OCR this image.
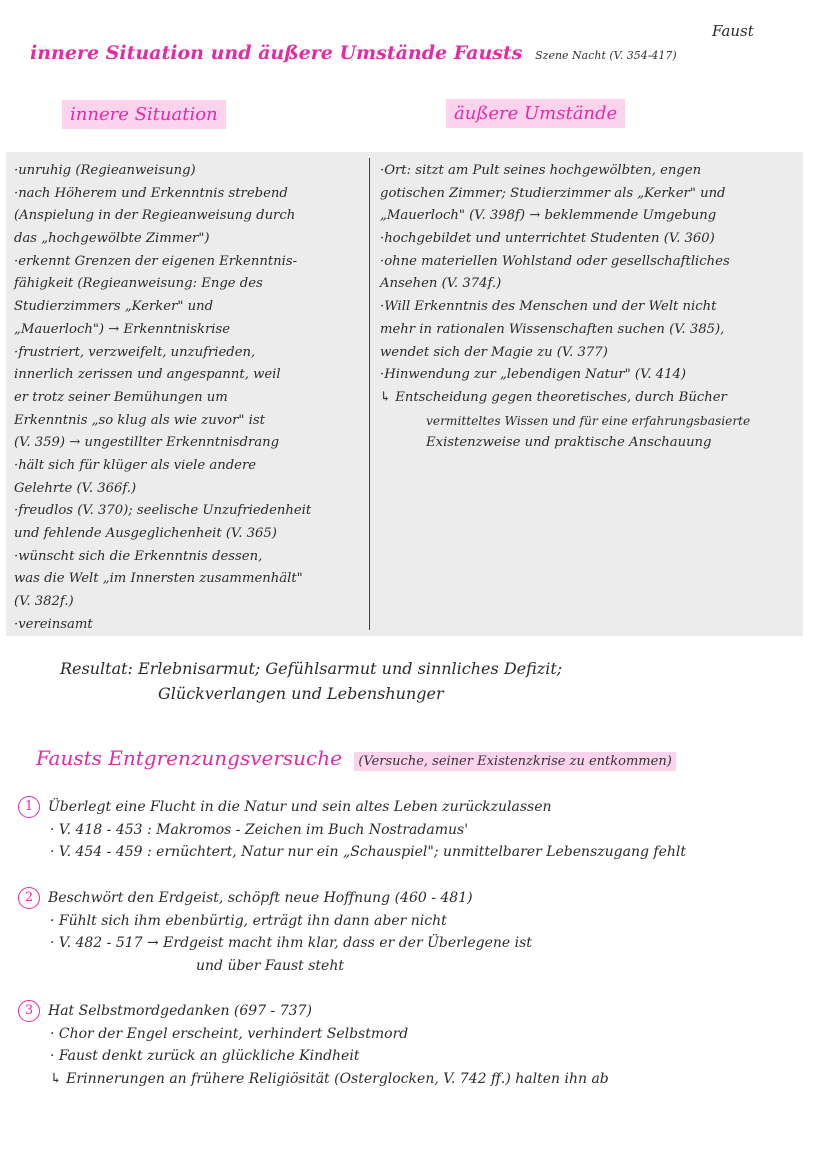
Faust
innere Situation und äußere Umstände Fausts Szene Nacht (V. 354-417)
innere Situation	äußere Umstände
·unruhig (Regieanweisung)
·nach Höherem und Erkenntnis strebend
(Anspielung in der Regieanweisung durch
das „hochgewölbte Zimmer")
·erkennt Grenzen der eigenen Erkenntnis-
fähigkeit (Regieanweisung: Enge des
Studierzimmers „Kerker" und
„Mauerloch") → Erkenntniskrise
·frustriert, verzweifelt, unzufrieden,
innerlich zerissen und angespannt, weil
er trotz seiner Bemühungen um
Erkenntnis „so klug als wie zuvor" ist
(V. 359) → ungestillter Erkenntnisdrang
·hält sich für klüger als viele andere
Gelehrte (V. 366f.)
·freudlos (V. 370); seelische Unzufriedenheit
und fehlende Ausgeglichenheit (V. 365)
·wünscht sich die Erkenntnis dessen,
was die Welt „im Innersten zusammenhält"
(V. 382f.)
·vereinsamt
·Ort: sitzt am Pult seines hochgewölbten, engen
gotischen Zimmer; Studierzimmer als „Kerker" und
„Mauerloch" (V. 398f) → beklemmende Umgebung
·hochgebildet und unterrichtet Studenten (V. 360)
·ohne materiellen Wohlstand oder gesellschaftliches
Ansehen (V. 374f.)
·Will Erkenntnis des Menschen und der Welt nicht
mehr in rationalen Wissenschaften suchen (V. 385),
wendet sich der Magie zu (V. 377)
·Hinwendung zur „lebendigen Natur" (V. 414)
↳ Entscheidung gegen theoretisches, durch Bücher
vermitteltes Wissen und für eine erfahrungsbasierte
Existenzweise und praktische Anschauung
Resultat: Erlebnisarmut; Gefühlsarmut und sinnliches Defizit;
Glückverlangen und Lebenshunger
Fausts Entgrenzungsversuche (Versuche, seiner Existenzkrise zu entkommen)
1 Überlegt eine Flucht in die Natur und sein altes Leben zurückzulassen
· V. 418 - 453 : Makromos - Zeichen im Buch Nostradamus'
· V. 454 - 459 : ernüchtert, Natur nur ein „Schauspiel"; unmittelbarer Lebenszugang fehlt
2 Beschwört den Erdgeist, schöpft neue Hoffnung (460 - 481)
· Fühlt sich ihm ebenbürtig, erträgt ihn dann aber nicht
· V. 482 - 517 → Erdgeist macht ihm klar, dass er der Überlegene ist
und über Faust steht
3 Hat Selbstmordgedanken (697 - 737)
· Chor der Engel erscheint, verhindert Selbstmord
· Faust denkt zurück an glückliche Kindheit
↳ Erinnerungen an frühere Religiösität (Osterglocken, V. 742 ff.) halten ihn ab
